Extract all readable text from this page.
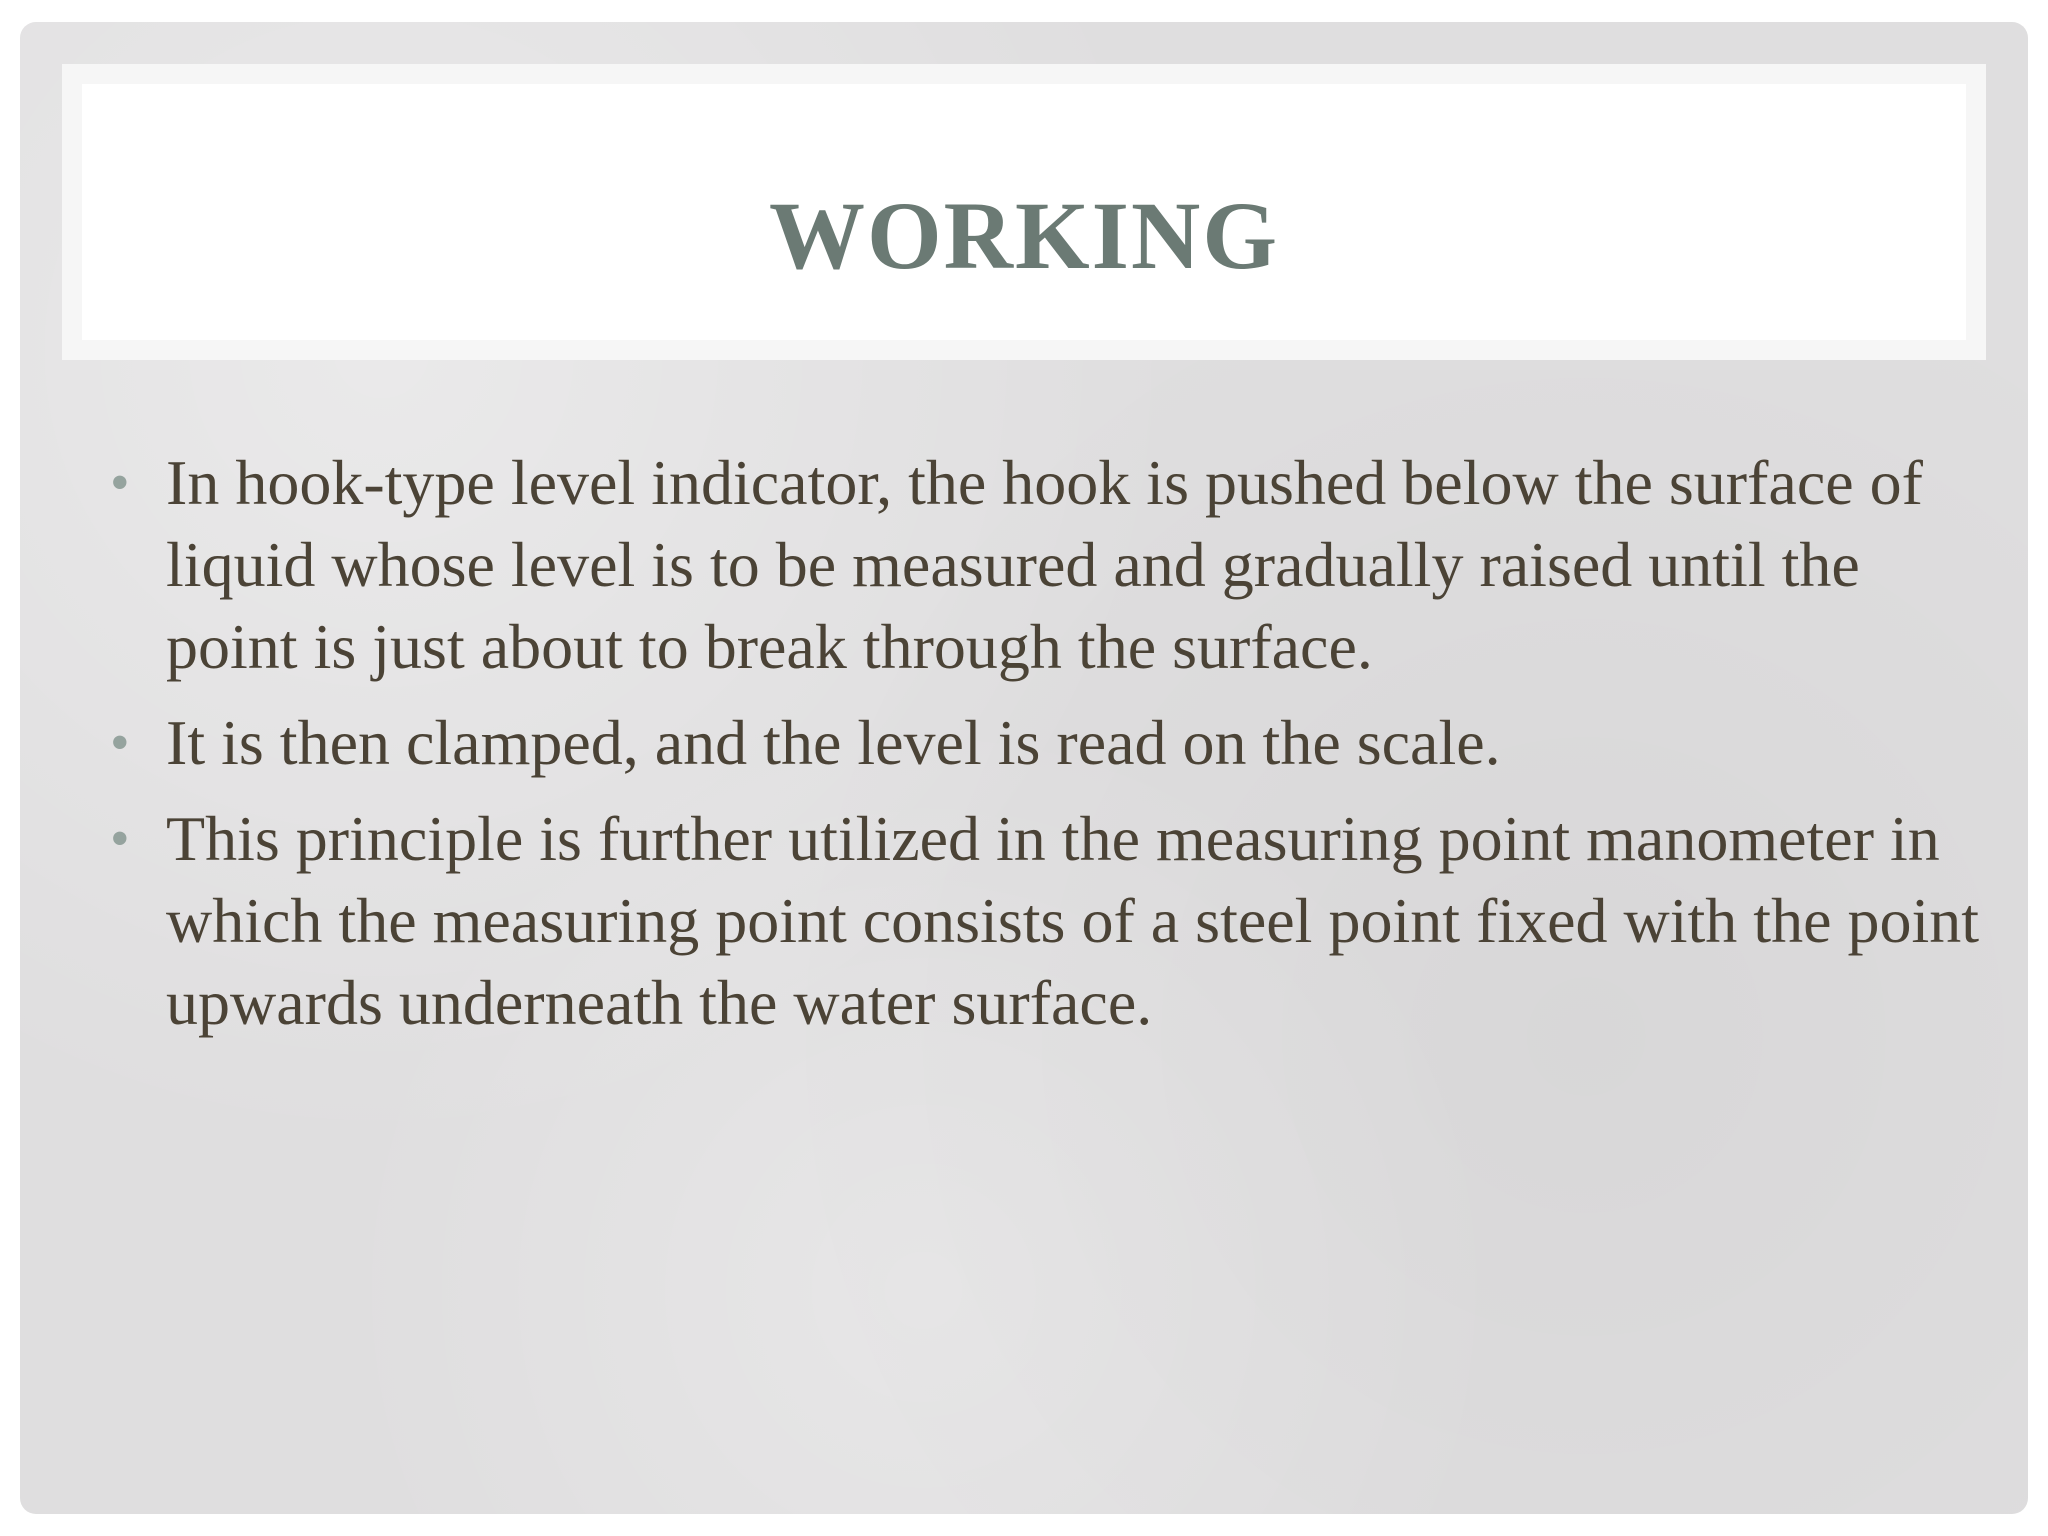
WORKING
• In hook-type level indicator, the hook is pushed below the surface of liquid whose level is to be measured and gradually raised until the point is just about to break through the surface.
• It is then clamped, and the level is read on the scale.
• This principle is further utilized in the measuring point manometer in which the measuring point consists of a steel point fixed with the point upwards underneath the water surface.
